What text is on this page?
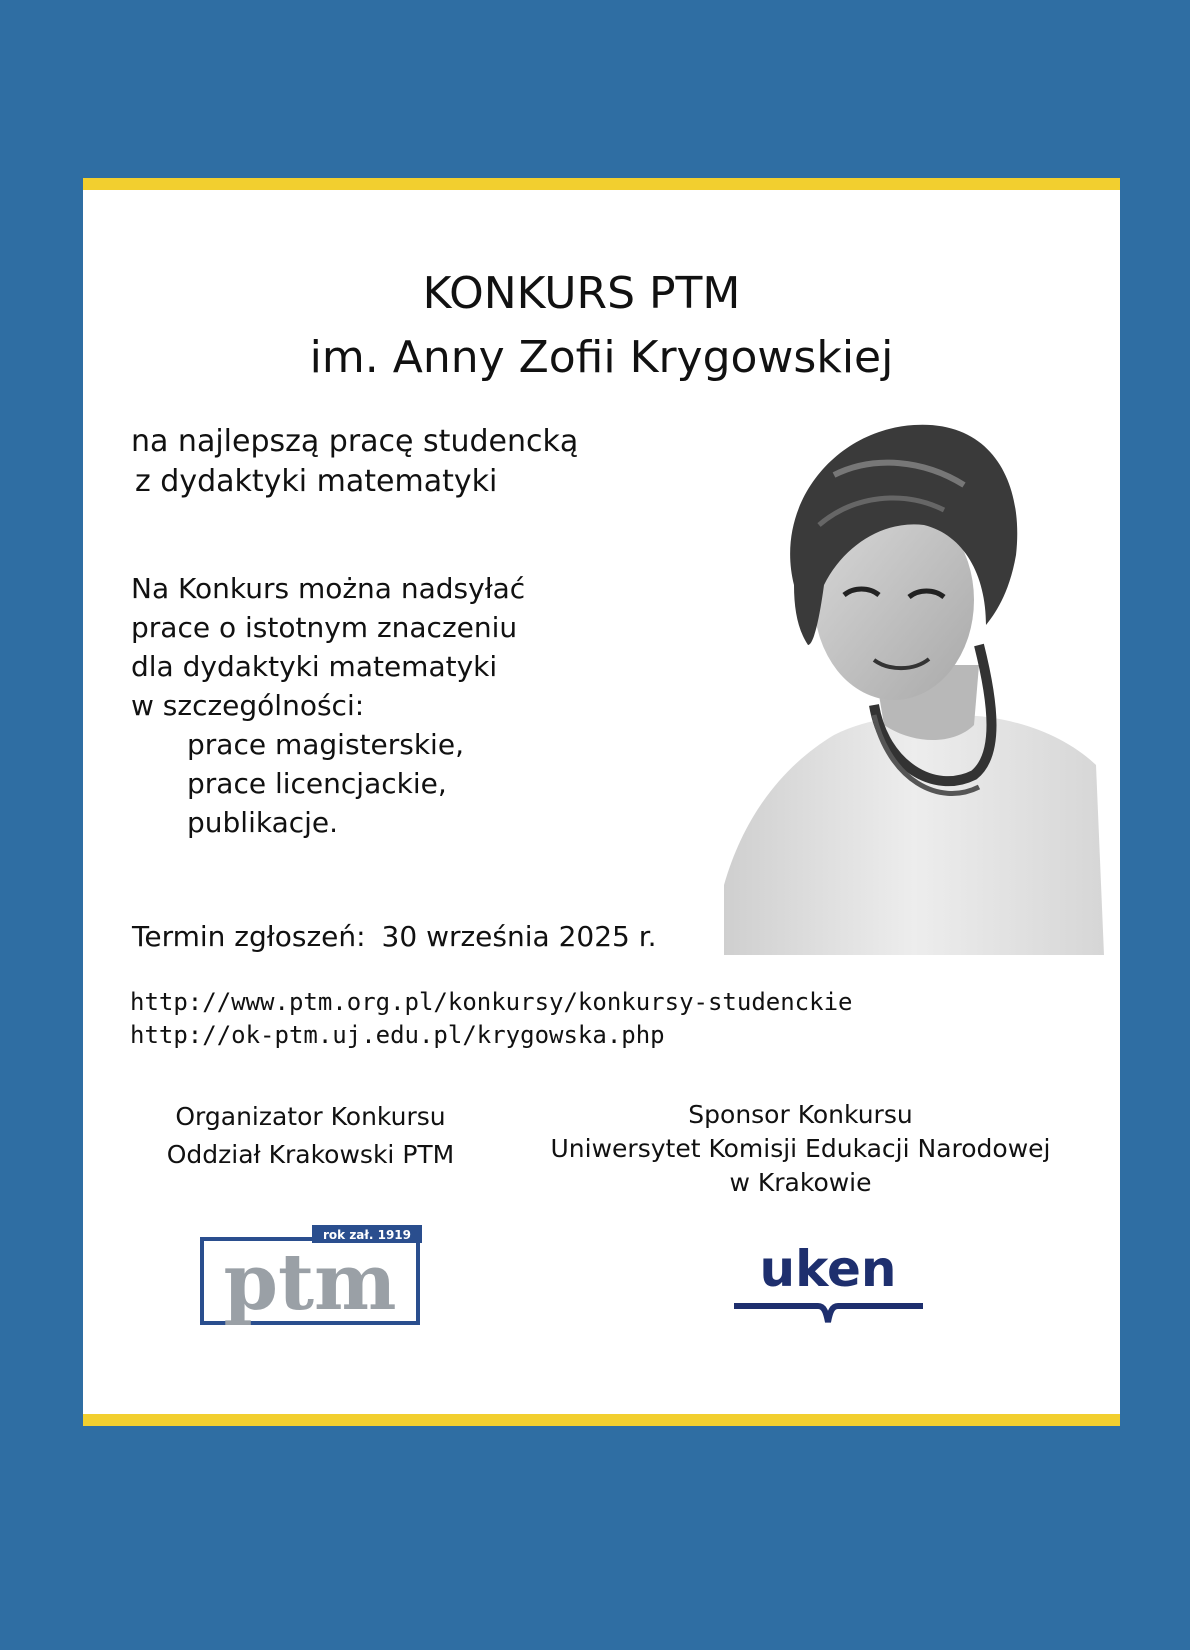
KONKURS PTM
im. Anny Zofii Krygowskiej
na najlepszą pracę studencką
z dydaktyki matematyki
Na Konkurs można nadsyłać
prace o istotnym znaczeniu
dla dydaktyki matematyki
w szczególności:
prace magisterskie,
prace licencjackie,
publikacje.
Termin zgłoszeń: 30 września 2025 r.
http://www.ptm.org.pl/konkursy/konkursy-studenckie
http://ok-ptm.uj.edu.pl/krygowska.php
Organizator Konkursu
Oddział Krakowski PTM
Sponsor Konkursu
Uniwersytet Komisji Edukacji Narodowej
w Krakowie
rok zał. 1919
ptm	uken
